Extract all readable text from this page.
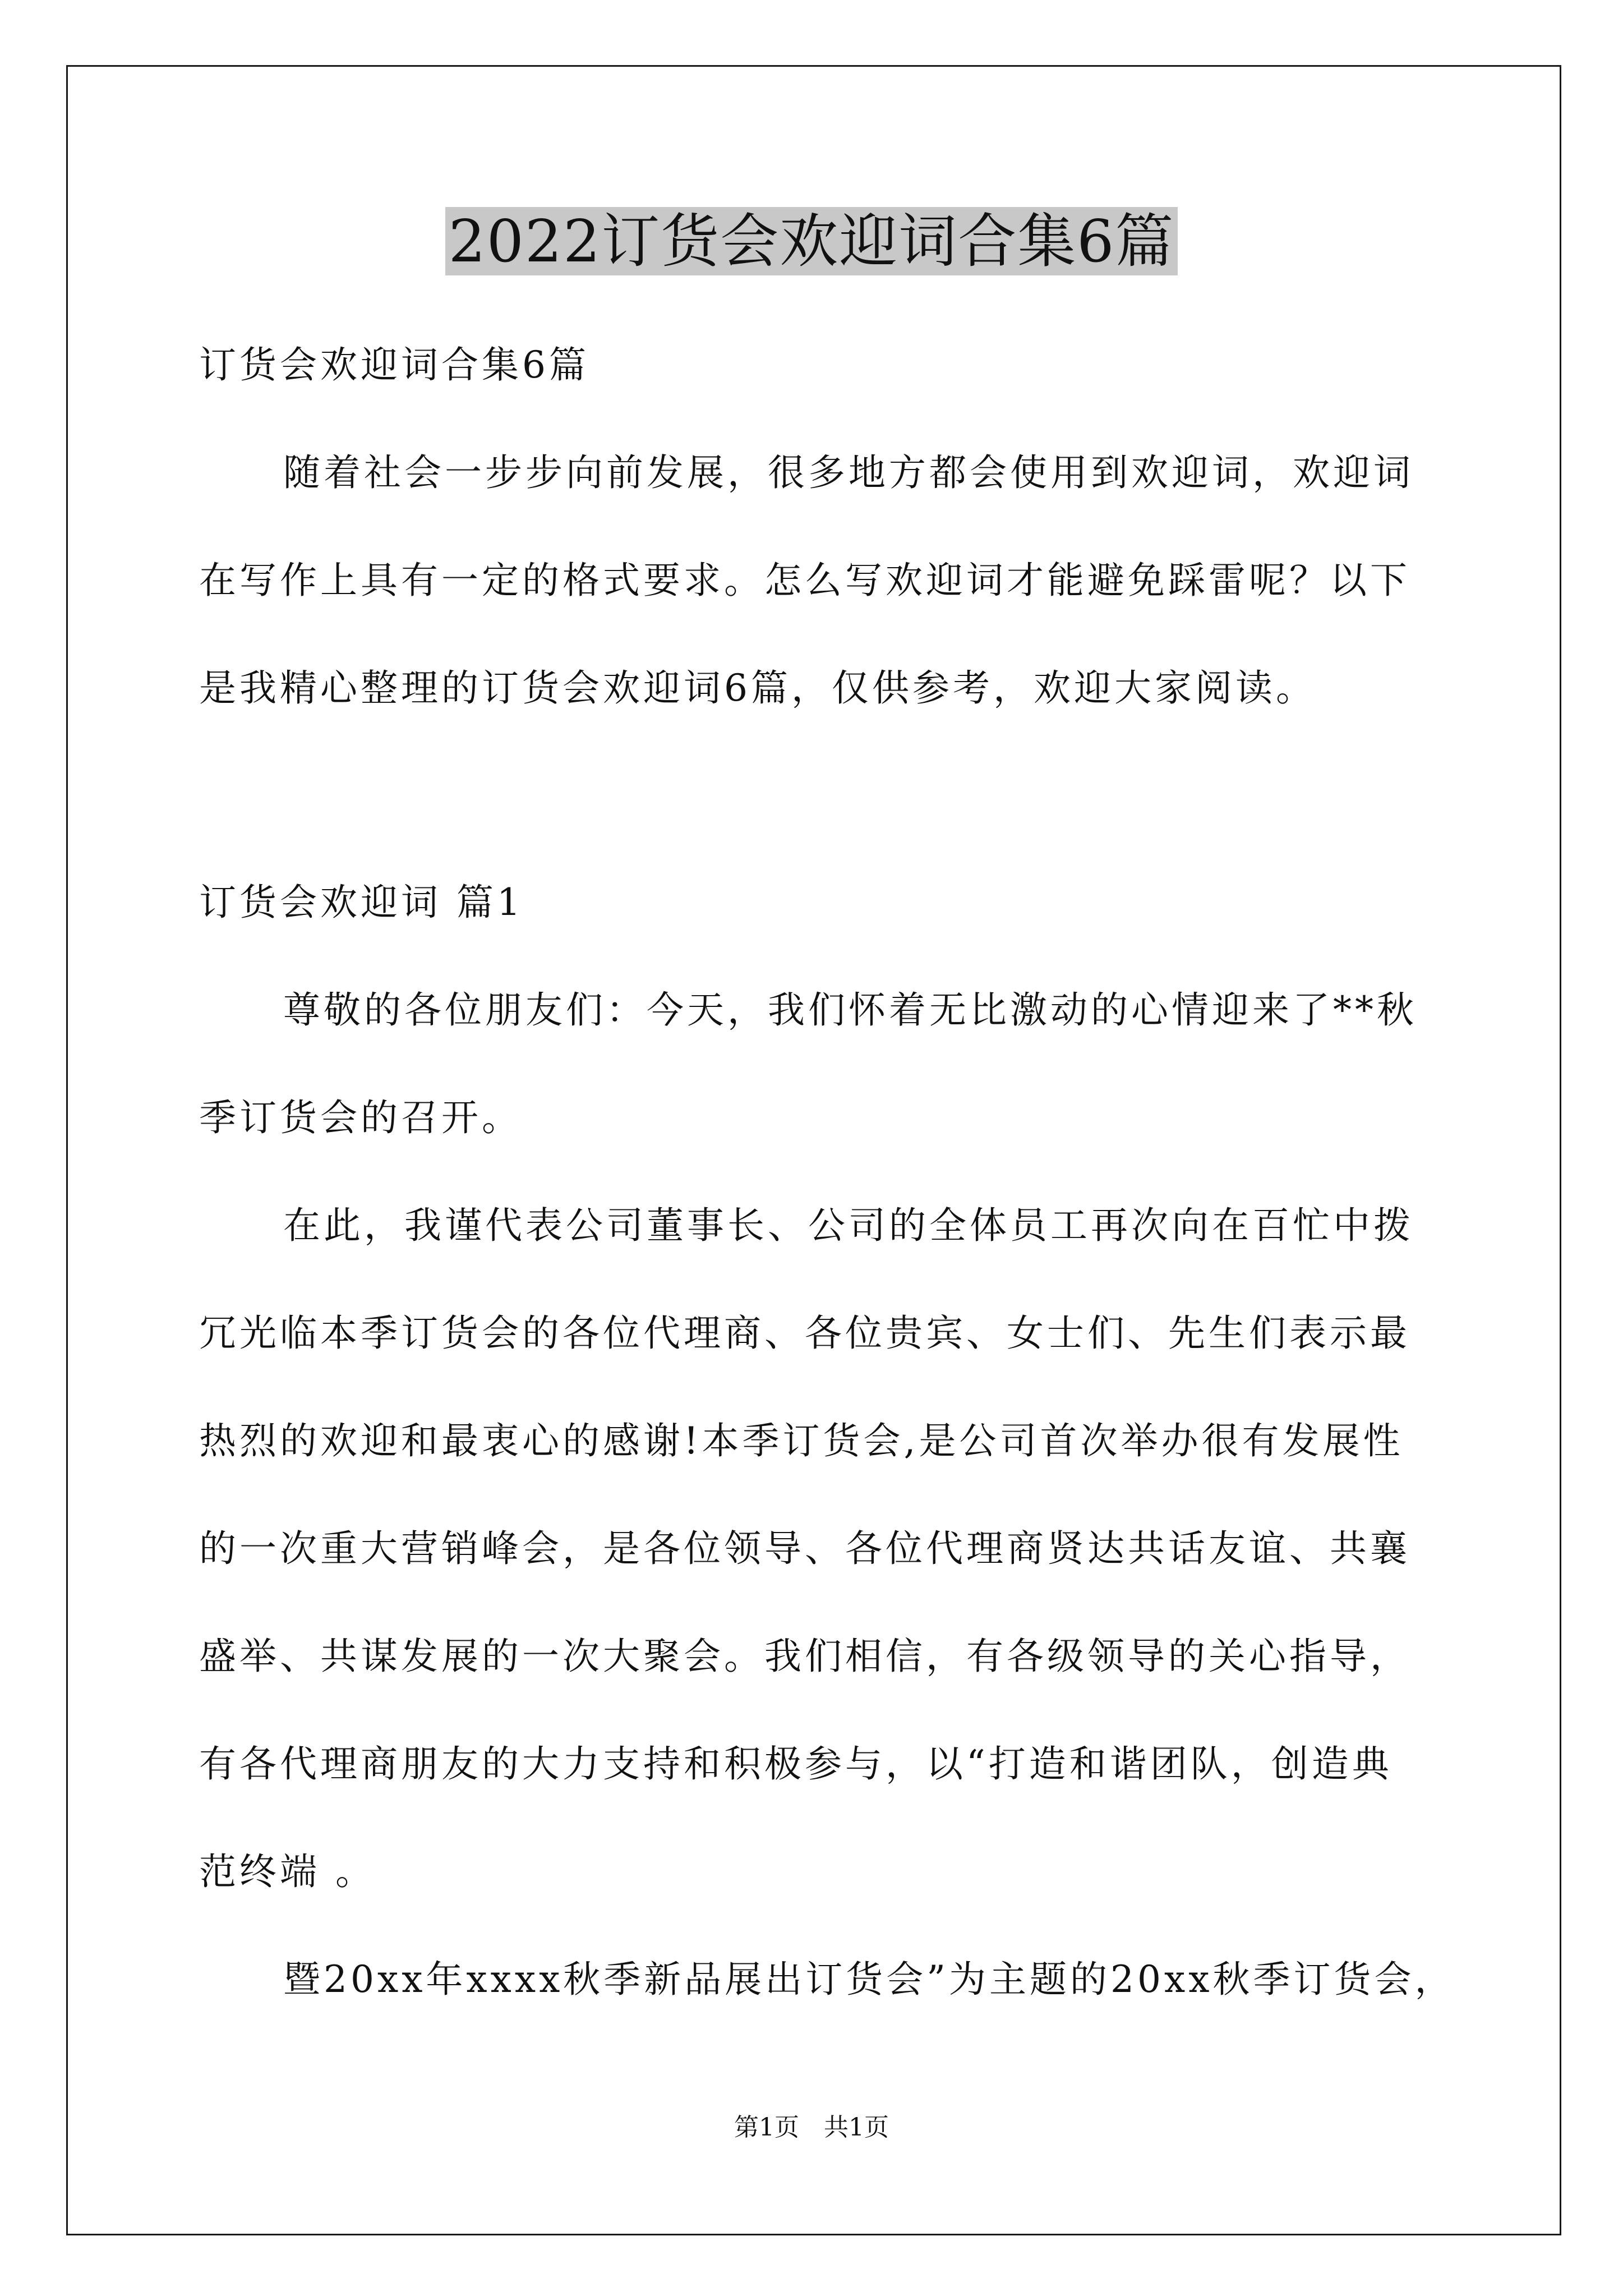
2022订货会欢迎词合集6篇

订货会欢迎词合集6篇

随着社会一步步向前发展，很多地方都会使用到欢迎词，欢迎词

在写作上具有一定的格式要求。怎么写欢迎词才能避免踩雷呢？以下

是我精心整理的订货会欢迎词6篇，仅供参考，欢迎大家阅读。

订货会欢迎词 篇1

尊敬的各位朋友们：今天，我们怀着无比激动的心情迎来了**秋

季订货会的召开。

在此，我谨代表公司董事长、公司的全体员工再次向在百忙中拨

冗光临本季订货会的各位代理商、各位贵宾、女士们、先生们表示最

热烈的欢迎和最衷心的感谢!本季订货会,是公司首次举办很有发展性

的一次重大营销峰会，是各位领导、各位代理商贤达共话友谊、共襄

盛举、共谋发展的一次大聚会。我们相信，有各级领导的关心指导，

有各代理商朋友的大力支持和积极参与，以“打造和谐团队，创造典

范终端 。

暨20xx年xxxx秋季新品展出订货会”为主题的20xx秋季订货会，

第1页 共1页
